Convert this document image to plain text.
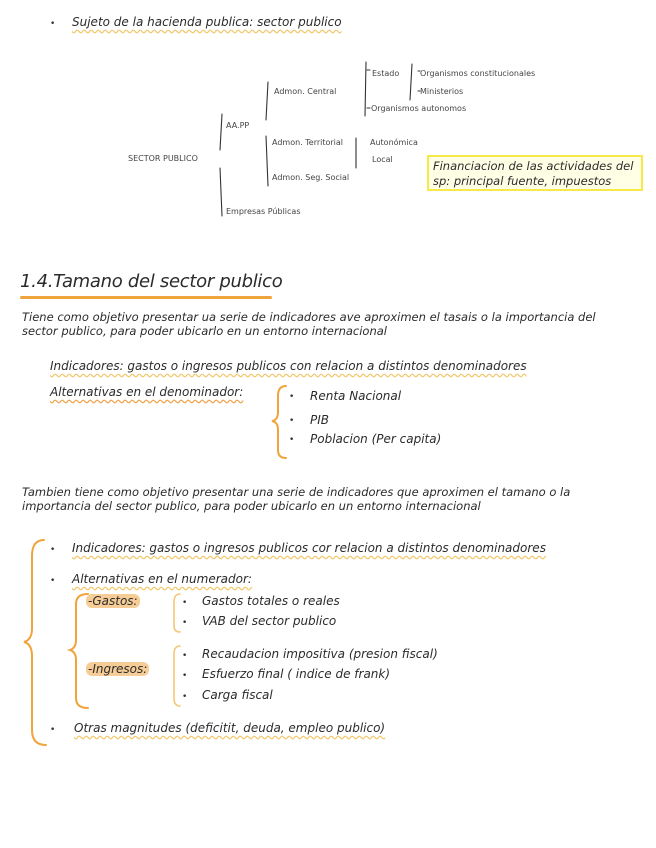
• Sujeto de la hacienda publica: sector publico
SECTOR PUBLICO
AA.PP
Admon. Central
Estado	Organismos constitucionales
Ministerios
Organismos autonomos
Admon. Territorial	Autonómica
Local
Admon. Seg. Social
Empresas Públicas
Financiacion de las actividades del
sp: principal fuente, impuestos
1.4.Tamano del sector publico
Tiene como objetivo presentar ua serie de indicadores ave aproximen el tasais o la importancia del
sector publico, para poder ubicarlo en un entorno internacional
Indicadores: gastos o ingresos publicos con relacion a distintos denominadores
Alternativas en el denominador:	• Renta Nacional
• PIB
• Poblacion (Per capita)
Tambien tiene como objetivo presentar una serie de indicadores que aproximen el tamano o la
importancia del sector publico, para poder ubicarlo en un entorno internacional
• Indicadores: gastos o ingresos publicos cor relacion a distintos denominadores
• Alternativas en el numerador:
-Gastos:	• Gastos totales o reales
• VAB del sector publico
-Ingresos:
• Recaudacion impositiva (presion fiscal)
• Esfuerzo final ( indice de frank)
• Carga fiscal
• Otras magnitudes (deficitit, deuda, empleo publico)
